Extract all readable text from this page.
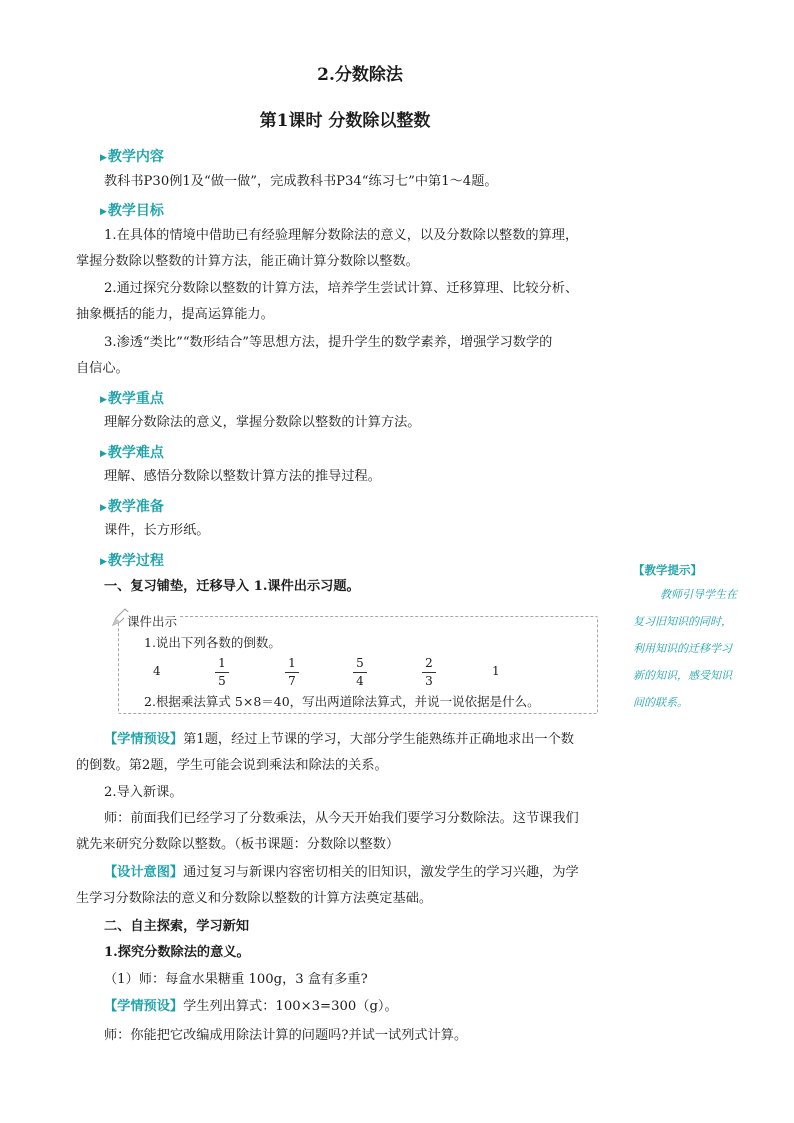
2.分数除法
第1课时 分数除以整数
▶教学内容
教科书P30例1及“做一做”，完成教科书P34“练习七”中第1～4题。
▶教学目标
1.在具体的情境中借助已有经验理解分数除法的意义，以及分数除以整数的算理，
掌握分数除以整数的计算方法，能正确计算分数除以整数。
2.通过探究分数除以整数的计算方法，培养学生尝试计算、迁移算理、比较分析、
抽象概括的能力，提高运算能力。
3.渗透“类比”“数形结合”等思想方法，提升学生的数学素养，增强学习数学的
自信心。
▶教学重点
理解分数除法的意义，掌握分数除以整数的计算方法。
▶教学难点
理解、感悟分数除以整数计算方法的推导过程。
▶教学准备
课件，长方形纸。
▶教学过程
一、复习铺垫，迁移导入 1.课件出示习题。
课件出示
1.说出下列各数的倒数。
4
1
5
1
7
5
4
2
3
1
2.根据乘法算式 5×8＝40，写出两道除法算式，并说一说依据是什么。
【学情预设】第1题，经过上节课的学习，大部分学生能熟练并正确地求出一个数
的倒数。第2题，学生可能会说到乘法和除法的关系。
2.导入新课。
师：前面我们已经学习了分数乘法，从今天开始我们要学习分数除法。这节课我们
就先来研究分数除以整数。（板书课题：分数除以整数）
【设计意图】通过复习与新课内容密切相关的旧知识，激发学生的学习兴趣，为学
生学习分数除法的意义和分数除以整数的计算方法奠定基础。
二、自主探索，学习新知
1.探究分数除法的意义。
（1）师：每盒水果糖重 100g，3 盒有多重?
【学情预设】学生列出算式：100×3=300（g）。
师：你能把它改编成用除法计算的问题吗?并试一试列式计算。
【教学提示】
教师引导学生在
复习旧知识的同时，
利用知识的迁移学习
新的知识，感受知识
间的联系。
